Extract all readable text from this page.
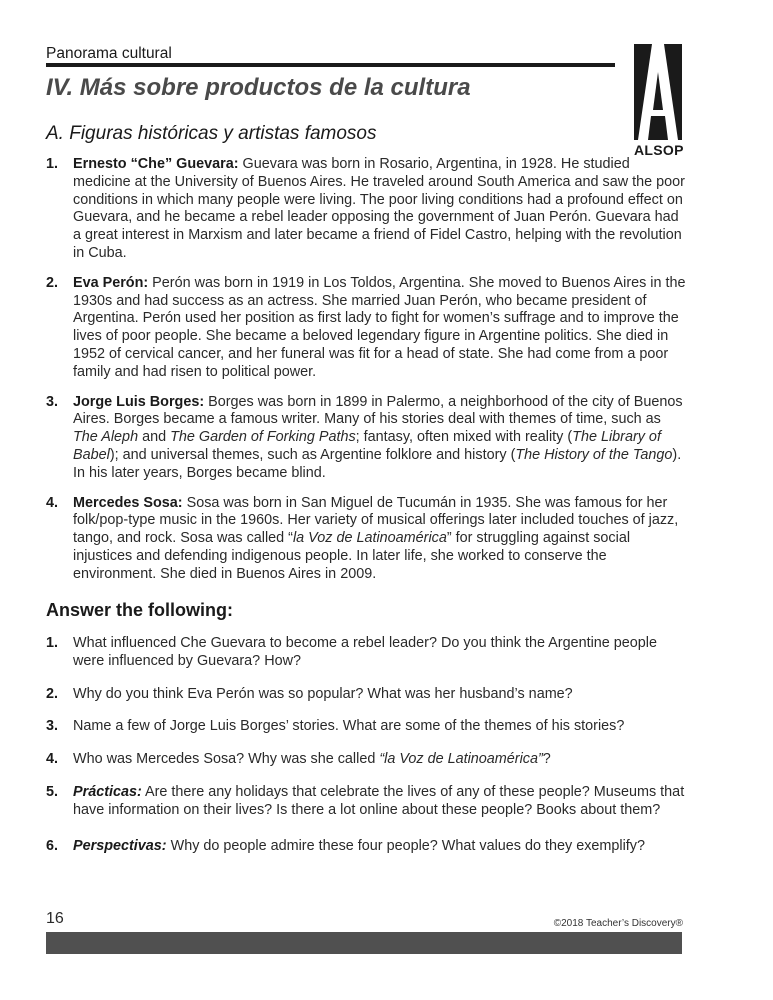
Panorama cultural
ALSOP
IV. Más sobre productos de la cultura
A. Figuras históricas y artistas famosos
1. Ernesto “Che” Guevara: Guevara was born in Rosario, Argentina, in 1928. He studied medicine at the University of Buenos Aires. He traveled around South America and saw the poor conditions in which many people were living. The poor living conditions had a profound effect on Guevara, and he became a rebel leader opposing the government of Juan Perón. Guevara had a great interest in Marxism and later became a friend of Fidel Castro, helping with the revolution in Cuba.
2. Eva Perón: Perón was born in 1919 in Los Toldos, Argentina. She moved to Buenos Aires in the 1930s and had success as an actress. She married Juan Perón, who became president of Argentina. Perón used her position as first lady to fight for women’s suffrage and to improve the lives of poor people. She became a beloved legendary figure in Argentine politics. She died in 1952 of cervical cancer, and her funeral was fit for a head of state. She had come from a poor family and had risen to political power.
3. Jorge Luis Borges: Borges was born in 1899 in Palermo, a neighborhood of the city of Buenos Aires. Borges became a famous writer. Many of his stories deal with themes of time, such as The Aleph and The Garden of Forking Paths; fantasy, often mixed with reality (The Library of Babel); and universal themes, such as Argentine folklore and history (The History of the Tango). In his later years, Borges became blind.
4. Mercedes Sosa: Sosa was born in San Miguel de Tucumán in 1935. She was famous for her folk/pop-type music in the 1960s. Her variety of musical offerings later included touches of jazz, tango, and rock. Sosa was called “la Voz de Latinoamérica” for struggling against social injustices and defending indigenous people. In later life, she worked to conserve the environment. She died in Buenos Aires in 2009.
Answer the following:
1. What influenced Che Guevara to become a rebel leader? Do you think the Argentine people were influenced by Guevara? How?
2. Why do you think Eva Perón was so popular? What was her husband’s name?
3. Name a few of Jorge Luis Borges’ stories. What are some of the themes of his stories?
4. Who was Mercedes Sosa? Why was she called “la Voz de Latinoamérica”?
5. Prácticas: Are there any holidays that celebrate the lives of any of these people? Museums that have information on their lives? Is there a lot online about these people? Books about them?
6. Perspectivas: Why do people admire these four people? What values do they exemplify?
16	©2018 Teacher’s Discovery®
